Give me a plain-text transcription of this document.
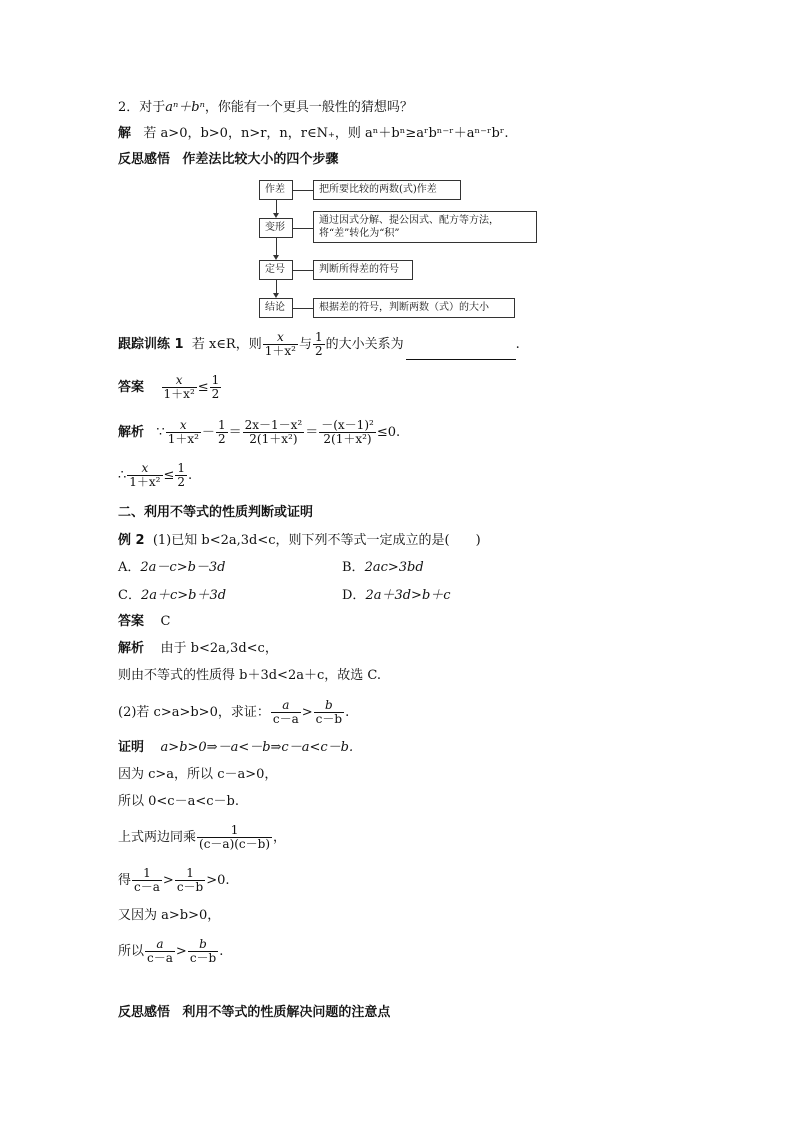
2．对于aⁿ＋bⁿ，你能有一个更具一般性的猜想吗？
解 若 a>0，b>0，n>r，n，r∈N₊，则 aⁿ＋bⁿ≥aʳbⁿ⁻ʳ＋aⁿ⁻ʳbʳ.
反思感悟 作差法比较大小的四个步骤
作差	把所要比较的两数(式)作差
变形
通过因式分解、提公因式、配方等方法，将“差”转化为“积”
定号	判断所得差的符号
结论	根据差的符号，判断两数（式）的大小
跟踪训练 1 若 x∈R，则 $\frac{x}{\text{1＋x²}}$ 与 $\frac{1}{2}$ 的大小关系为	.
答案 $\frac{x}{\text{1＋x²}} \le \frac{1}{2}$
解析 ∵ $\frac{x}{\text{1＋x²}} - \frac{1}{2} = \frac{\text{2x－1－x²}}{\text{2(1＋x²)}} = \frac{\text{－(x－1)²}}{\text{2(1＋x²)}} \le 0$.
∴ $\frac{x}{\text{1＋x²}} \le \frac{1}{2}$ .
二、利用不等式的性质判断或证明
例 2 (1)已知 b<2a,3d<c，则下列不等式一定成立的是(　　)
A．2a－c>b－3d	B．2ac>3bd
C．2a＋c>b＋3d	D．2a＋3d>b＋c
答案 C
解析 由于 b<2a,3d<c，
则由不等式的性质得 b＋3d<2a＋c，故选 C.
(2)若 c>a>b>0，求证： $\frac{a}{c-a} > \frac{b}{c-b}$ .
证明 a>b>0⇒－a<－b⇒c－a<c－b.
因为 c>a，所以 c－a>0，
所以 0<c－a<c－b.
上式两边同乘 $\frac{1}{(c-a)(c-b)}$ ，
得 $\frac{1}{c-a} > \frac{1}{c-b} >0$.
又因为 a>b>0，
所以 $\frac{a}{c-a} > \frac{b}{c-b}$ .
反思感悟 利用不等式的性质解决问题的注意点
